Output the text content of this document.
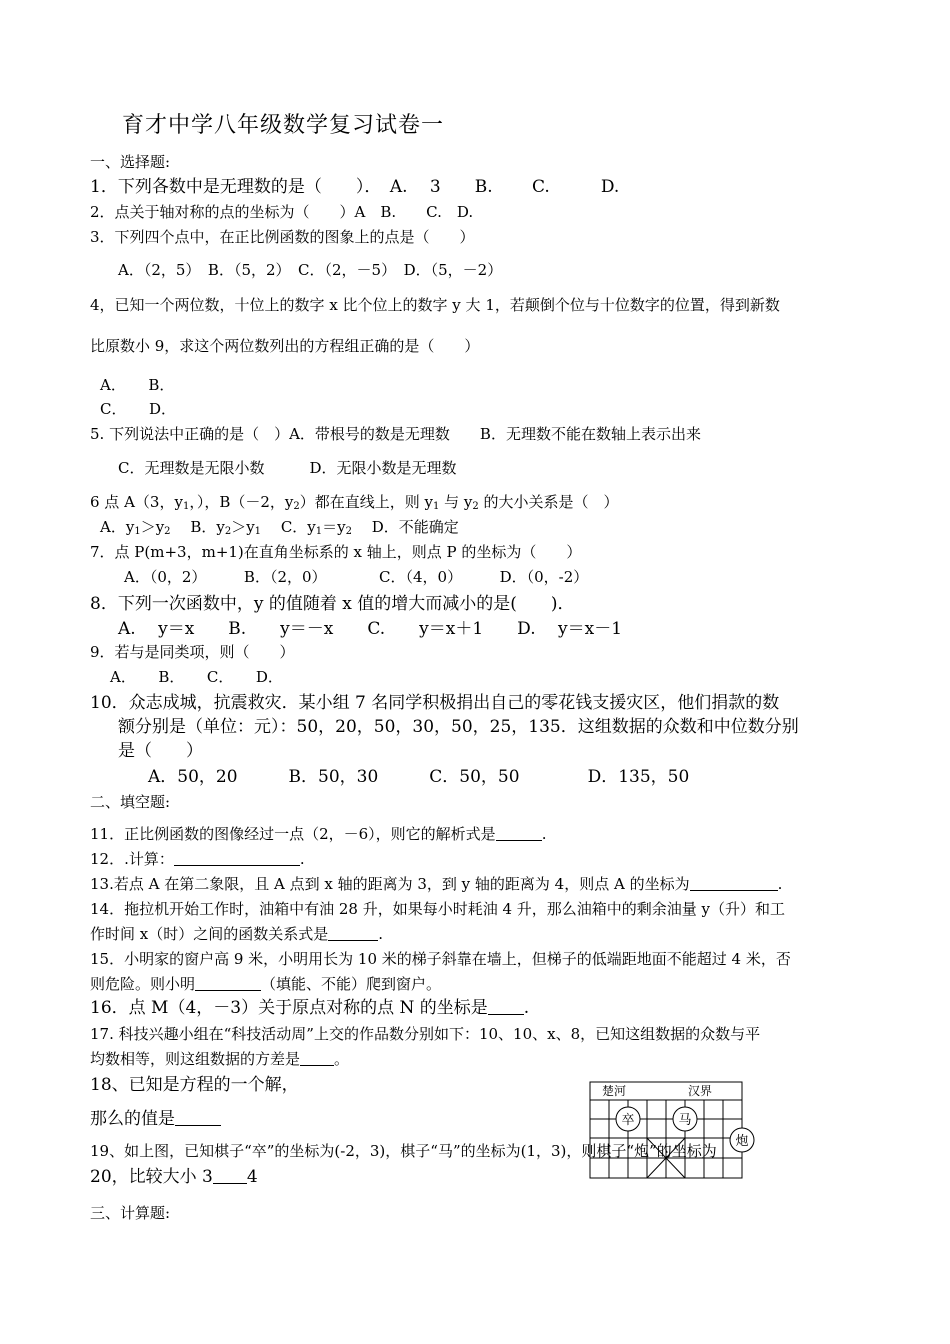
育才中学八年级数学复习试卷一
一、选择题:
1．下列各数中是无理数的是（　　）．　A.　 3　　B.　　 C.　　　D.
2．点关于轴对称的点的坐标为（　　）A　B.　　C.　D.
3．下列四个点中，在正比例函数的图象上的点是（　　）
A．（2，5）　B．（5，2）　C．（2，－5）　D．（5，－2）
4，已知一个两位数，十位上的数字 x 比个位上的数字 y 大 1，若颠倒个位与十位数字的位置，得到新数
比原数小 9，求这个两位数列出的方程组正确的是（　　）
A．　　B．
C．　　D．
5. 下列说法中正确的是（　）A．带根号的数是无理数　　B．无理数不能在数轴上表示出来
C．无理数是无限小数　　　D．无限小数是无理数
6 点 A（3，$y_1$，），B（－2，$y_2$）都在直线上，则 $y_1$ 与 $y_2$ 的大小关系是（　）
A．$y_1>y_2$　 B．$y_2>y_1$　 C．$y_1=y_2$　 D．不能确定
7．点 P(m+3，m+1)在直角坐标系的 x 轴上，则点 P 的坐标为（　　）
A．（0，2）　　　B．（2，0）　　　　C．（4，0）　　　D．（0，-2）
8．下列一次函数中，y 的值随着 x 值的增大而减小的是(　　)．
A.　 y＝x　　B.　　y＝－x　　C.　　y＝x＋1　　D.　 y＝x－1
9．若与是同类项，则（　　）
A．　　B．　　C．　　D．
10．众志成城，抗震救灾．某小组 7 名同学积极捐出自己的零花钱支援灾区，他们捐款的数
额分别是（单位：元）：50，20，50，30，50，25，135．这组数据的众数和中位数分别
是（　　）
A．50，20　　　B．50，30　　　C．50，50　　　　D．135，50
二、填空题:
11．正比例函数的图像经过一点（2，－6），则它的解析式是	.
12．.计算：	.
13.若点 A 在第二象限，且 A 点到 x 轴的距离为 3，到 y 轴的距离为 4，则点 A 的坐标为	.
14．拖拉机开始工作时，油箱中有油 28 升，如果每小时耗油 4 升，那么油箱中的剩余油量 y（升）和工
作时间 x（时）之间的函数关系式是	.
15．小明家的窗户高 9 米，小明用长为 10 米的梯子斜靠在墙上，但梯子的低端距地面不能超过 4 米，否
则危险。则小明	（填能、不能）爬到窗户。
16．点 M（4，－3）关于原点对称的点 N 的坐标是 .
17. 科技兴趣小组在“科技活动周”上交的作品数分别如下：10、10、x、8，已知这组数据的众数与平
均数相等，则这组数据的方差是 。
18、已知是方程的一个解，
那么的值是
楚河	汉界
卒	马
炮
19、如上图，已知棋子“卒”的坐标为(-2，3)，棋子“马”的坐标为(1，3)，则棋子“炮”的坐标为
20，比较大小 3 4
三、计算题:
